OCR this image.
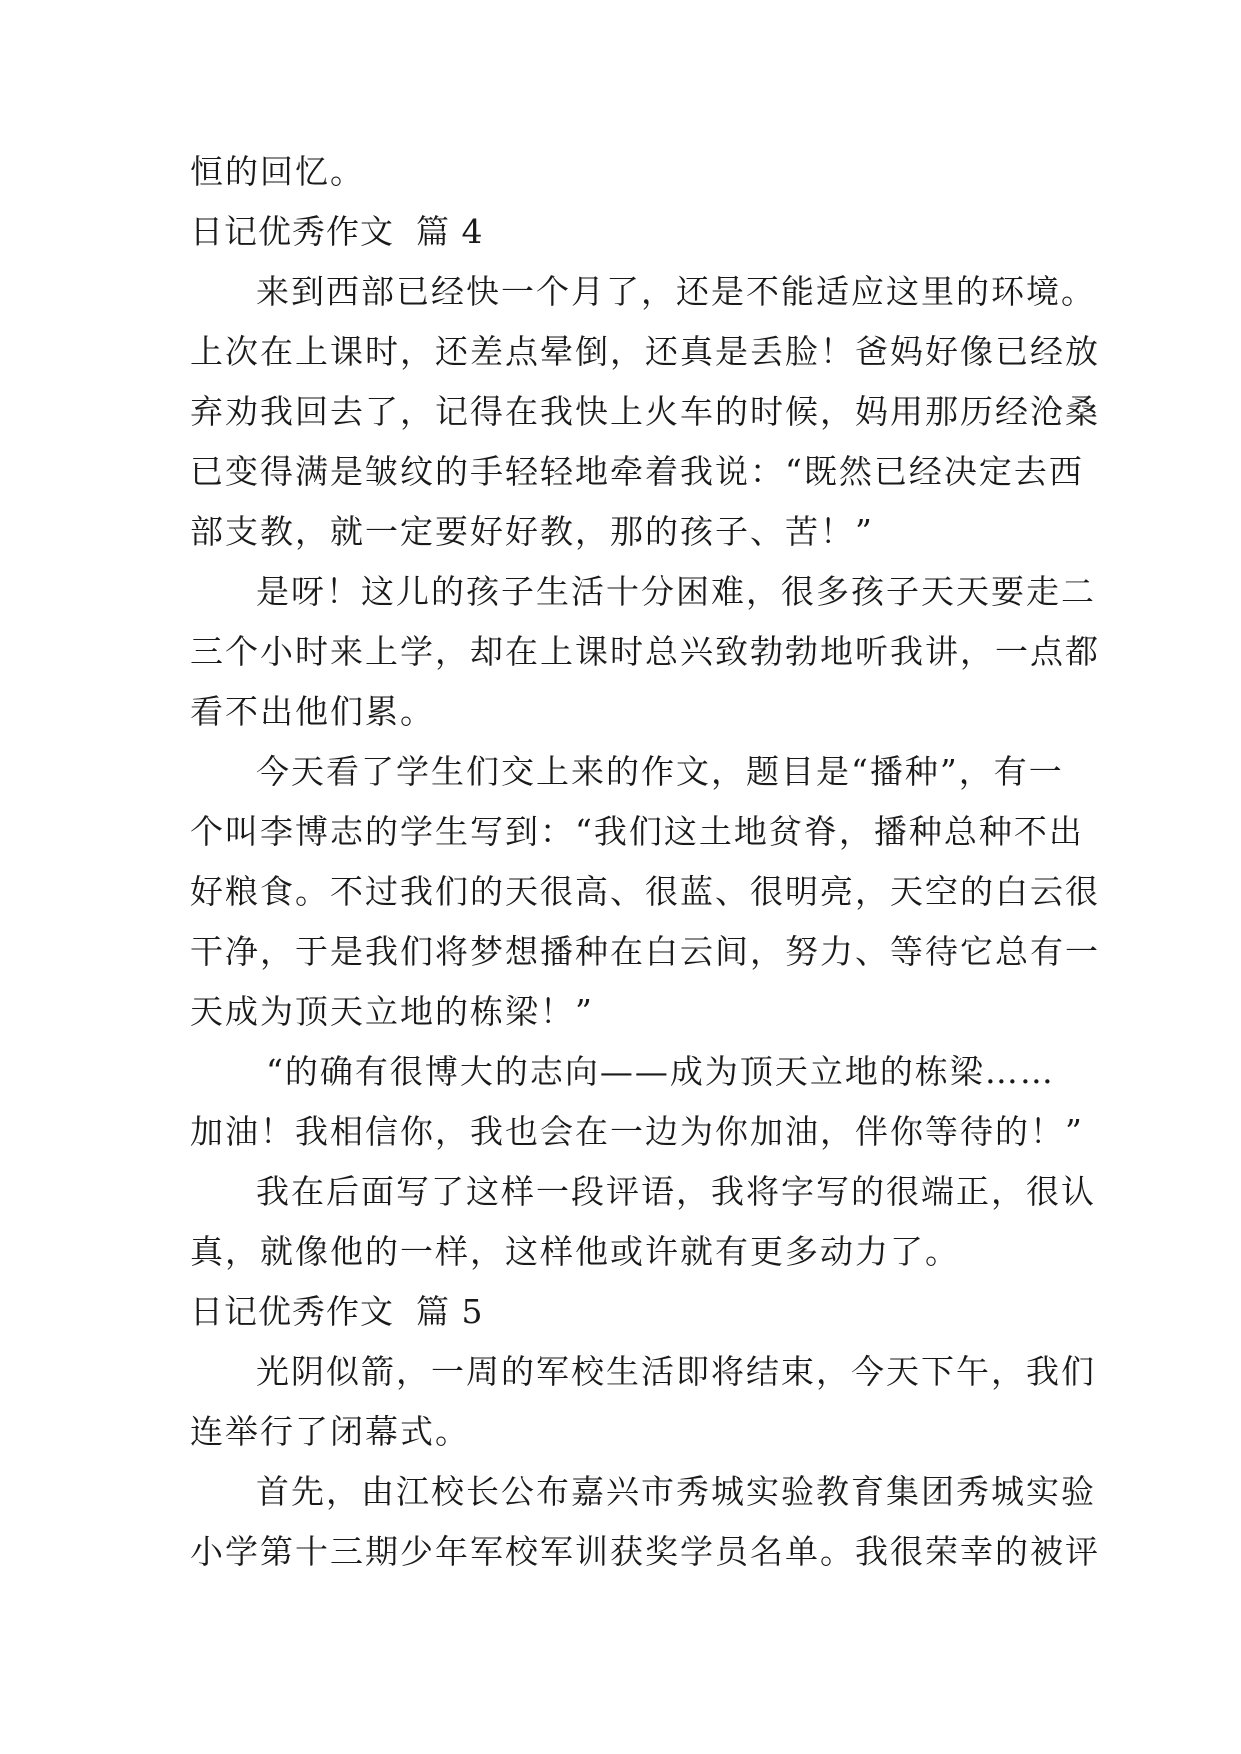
恒的回忆。
日记优秀作文 篇 4
来到西部已经快一个月了，还是不能适应这里的环境。
上次在上课时，还差点晕倒，还真是丢脸！爸妈好像已经放
弃劝我回去了，记得在我快上火车的时候，妈用那历经沧桑
已变得满是皱纹的手轻轻地牵着我说：“既然已经决定去西
部支教，就一定要好好教，那的孩子、苦！”
是呀！这儿的孩子生活十分困难，很多孩子天天要走二
三个小时来上学，却在上课时总兴致勃勃地听我讲，一点都
看不出他们累。
今天看了学生们交上来的作文，题目是“播种”，有一
个叫李博志的学生写到：“我们这土地贫脊，播种总种不出
好粮食。不过我们的天很高、很蓝、很明亮，天空的白云很
干净，于是我们将梦想播种在白云间，努力、等待它总有一
天成为顶天立地的栋梁！”
“的确有很博大的志向——成为顶天立地的栋梁……
加油！我相信你，我也会在一边为你加油，伴你等待的！”
我在后面写了这样一段评语，我将字写的很端正，很认
真，就像他的一样，这样他或许就有更多动力了。
日记优秀作文 篇 5
光阴似箭，一周的军校生活即将结束，今天下午，我们
连举行了闭幕式。
首先，由江校长公布嘉兴市秀城实验教育集团秀城实验
小学第十三期少年军校军训获奖学员名单。我很荣幸的被评
